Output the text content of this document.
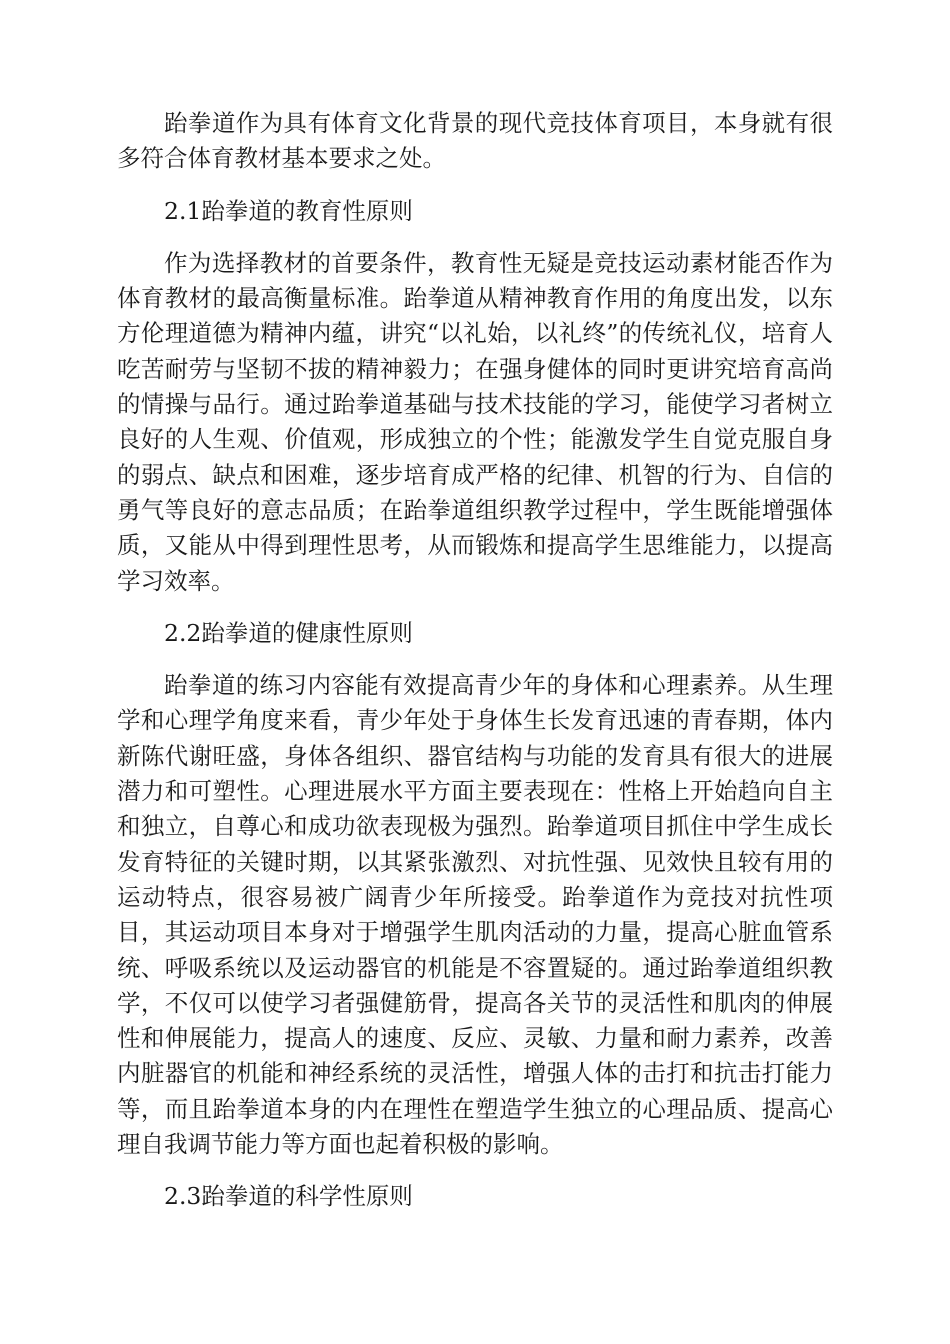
跆拳道作为具有体育文化背景的现代竞技体育项目，本身就有很多符合体育教材基本要求之处。

2.1跆拳道的教育性原则

作为选择教材的首要条件，教育性无疑是竞技运动素材能否作为体育教材的最高衡量标准。跆拳道从精神教育作用的角度出发，以东方伦理道德为精神内蕴，讲究“以礼始，以礼终”的传统礼仪，培育人吃苦耐劳与坚韧不拔的精神毅力；在强身健体的同时更讲究培育高尚的情操与品行。通过跆拳道基础与技术技能的学习，能使学习者树立良好的人生观、价值观，形成独立的个性；能激发学生自觉克服自身的弱点、缺点和困难，逐步培育成严格的纪律、机智的行为、自信的勇气等良好的意志品质；在跆拳道组织教学过程中，学生既能增强体质，又能从中得到理性思考，从而锻炼和提高学生思维能力，以提高学习效率。

2.2跆拳道的健康性原则

跆拳道的练习内容能有效提高青少年的身体和心理素养。从生理学和心理学角度来看，青少年处于身体生长发育迅速的青春期，体内新陈代谢旺盛，身体各组织、器官结构与功能的发育具有很大的进展潜力和可塑性。心理进展水平方面主要表现在：性格上开始趋向自主和独立，自尊心和成功欲表现极为强烈。跆拳道项目抓住中学生成长发育特征的关键时期，以其紧张激烈、对抗性强、见效快且较有用的运动特点，很容易被广阔青少年所接受。跆拳道作为竞技对抗性项目，其运动项目本身对于增强学生肌肉活动的力量，提高心脏血管系统、呼吸系统以及运动器官的机能是不容置疑的。通过跆拳道组织教学，不仅可以使学习者强健筋骨，提高各关节的灵活性和肌肉的伸展性和伸展能力，提高人的速度、反应、灵敏、力量和耐力素养，改善内脏器官的机能和神经系统的灵活性，增强人体的击打和抗击打能力等，而且跆拳道本身的内在理性在塑造学生独立的心理品质、提高心理自我调节能力等方面也起着积极的影响。

2.3跆拳道的科学性原则
